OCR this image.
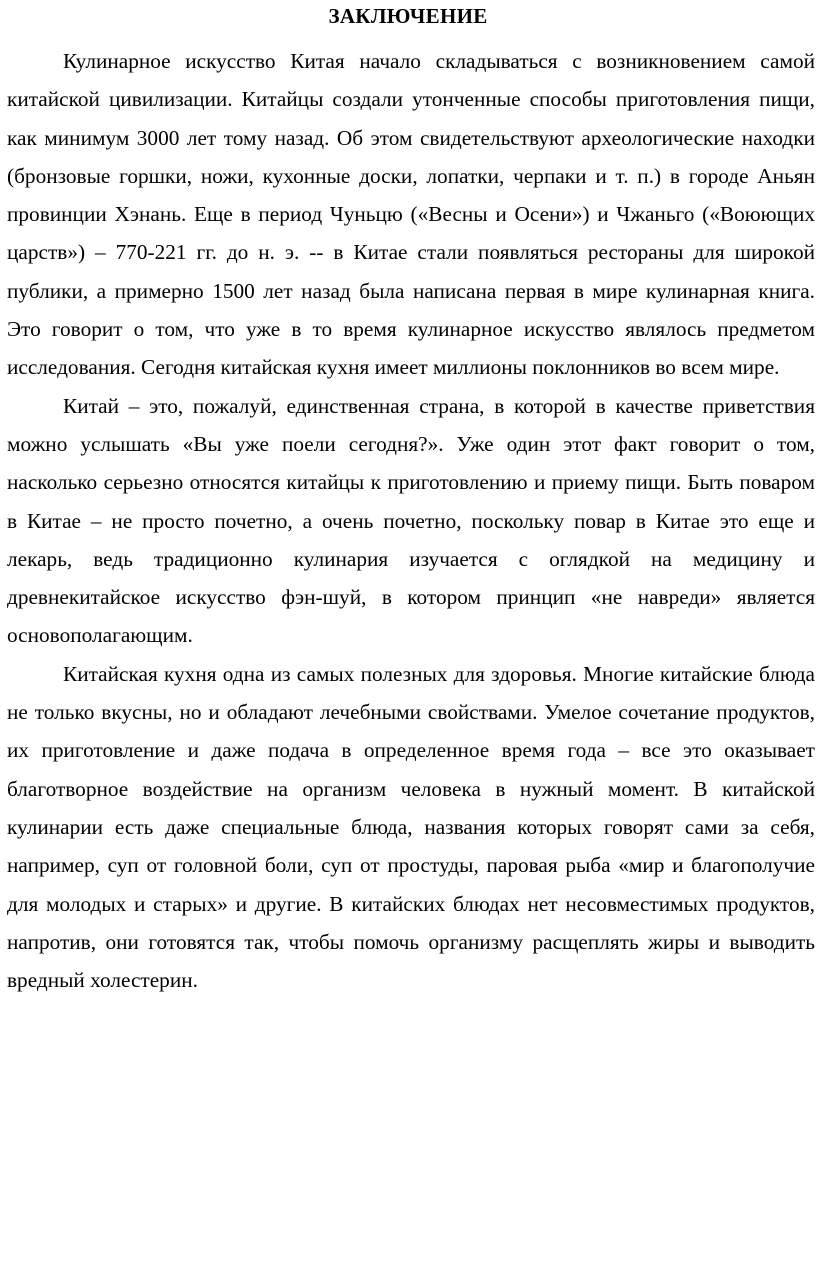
ЗАКЛЮЧЕНИЕ

Кулинарное искусство Китая начало складываться с возникновением самой китайской цивилизации. Китайцы создали утонченные способы приготовления пищи, как минимум 3000 лет тому назад. Об этом свидетельствуют археологические находки (бронзовые горшки, ножи, кухонные доски, лопатки, черпаки и т. п.) в городе Аньян провинции Хэнань. Еще в период Чуньцю («Весны и Осени») и Чжаньго («Воюющих царств») – 770-221 гг. до н. э. -- в Китае стали появляться рестораны для широкой публики, а примерно 1500 лет назад была написана первая в мире кулинарная книга. Это говорит о том, что уже в то время кулинарное искусство являлось предметом исследования. Сегодня китайская кухня имеет миллионы поклонников во всем мире.

Китай – это, пожалуй, единственная страна, в которой в качестве приветствия можно услышать «Вы уже поели сегодня?». Уже один этот факт говорит о том, насколько серьезно относятся китайцы к приготовлению и приему пищи. Быть поваром в Китае – не просто почетно, а очень почетно, поскольку повар в Китае это еще и лекарь, ведь традиционно кулинария изучается с оглядкой на медицину и древнекитайское искусство фэн-шуй, в котором принцип «не навреди» является основополагающим.

Китайская кухня одна из самых полезных для здоровья. Многие китайские блюда не только вкусны, но и обладают лечебными свойствами. Умелое сочетание продуктов, их приготовление и даже подача в определенное время года – все это оказывает благотворное воздействие на организм человека в нужный момент. В китайской кулинарии есть даже специальные блюда, названия которых говорят сами за себя, например, суп от головной боли, суп от простуды, паровая рыба «мир и благополучие для молодых и старых» и другие. В китайских блюдах нет несовместимых продуктов, напротив, они готовятся так, чтобы помочь организму расщеплять жиры и выводить вредный холестерин.
